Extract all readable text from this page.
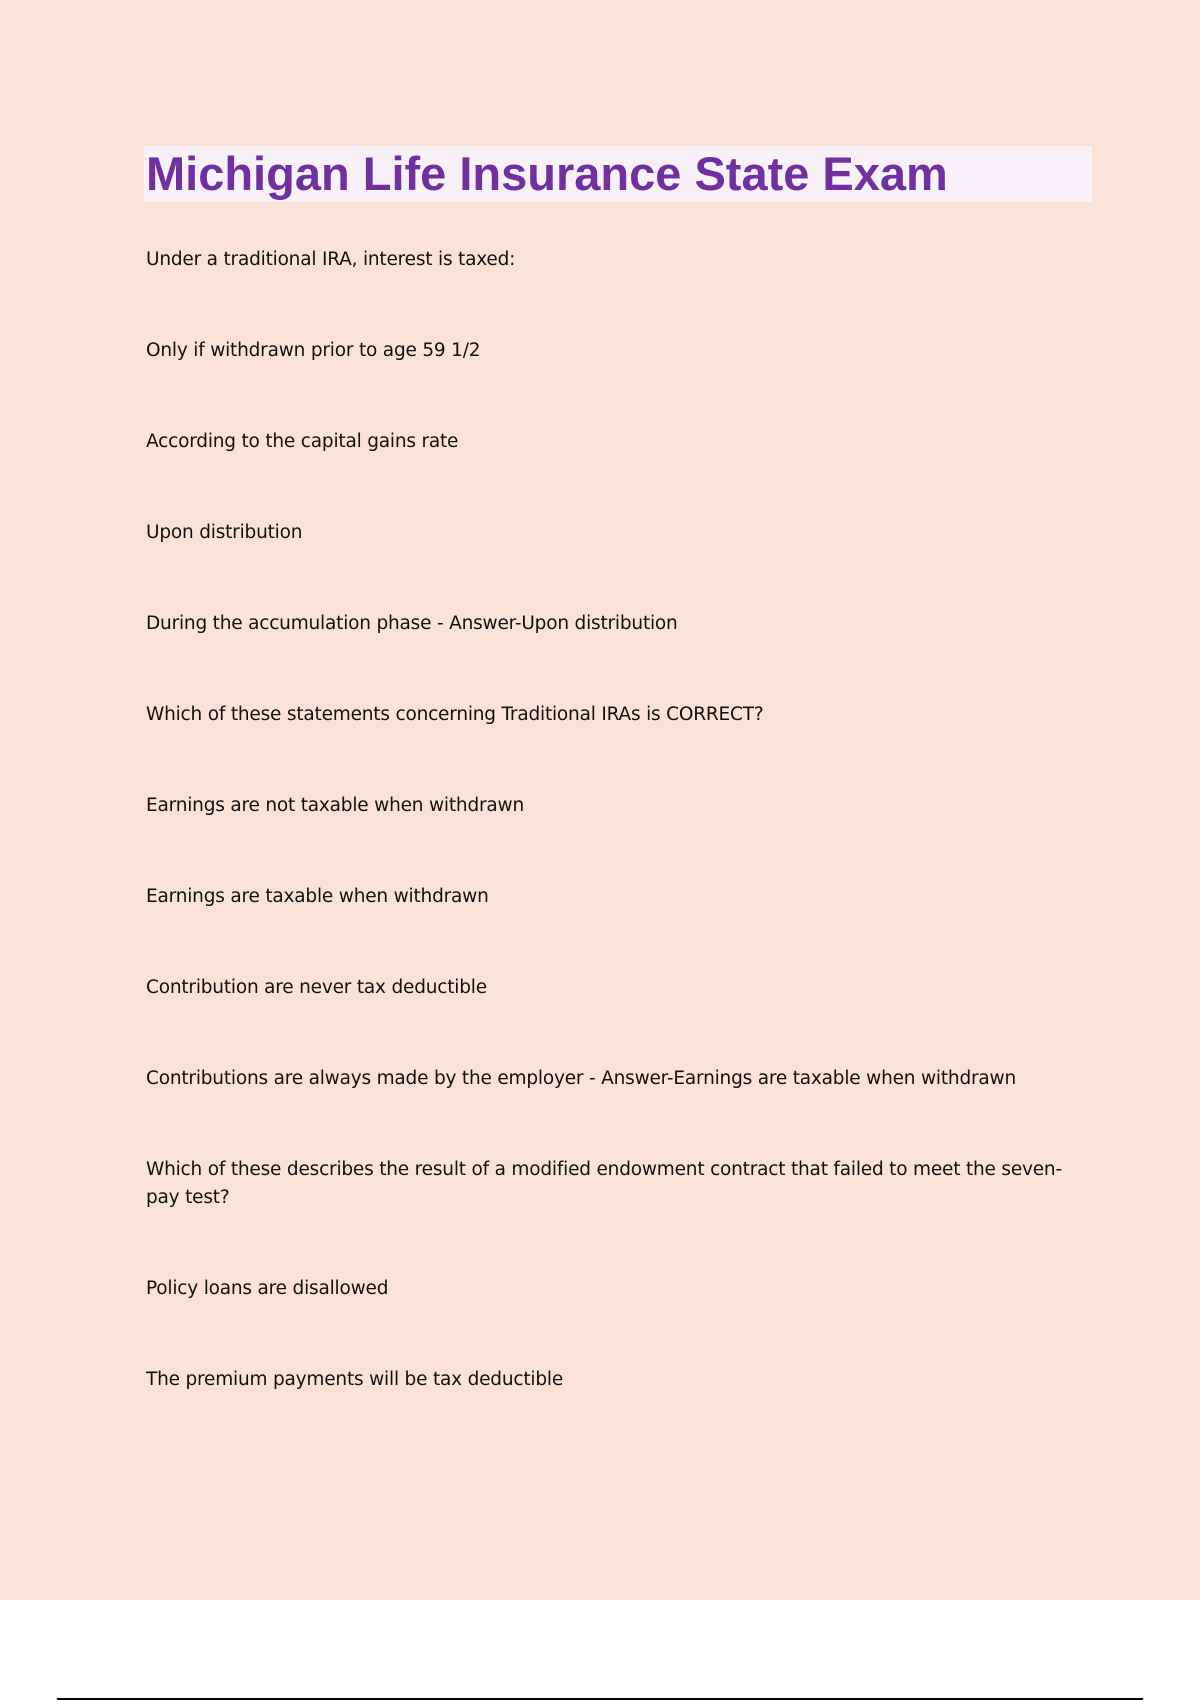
Michigan Life Insurance State Exam
Under a traditional IRA, interest is taxed:
Only if withdrawn prior to age 59 1/2
According to the capital gains rate
Upon distribution
During the accumulation phase - Answer-Upon distribution
Which of these statements concerning Traditional IRAs is CORRECT?
Earnings are not taxable when withdrawn
Earnings are taxable when withdrawn
Contribution are never tax deductible
Contributions are always made by the employer - Answer-Earnings are taxable when withdrawn
Which of these describes the result of a modified endowment contract that failed to meet the seven-pay test?
Policy loans are disallowed
The premium payments will be tax deductible
